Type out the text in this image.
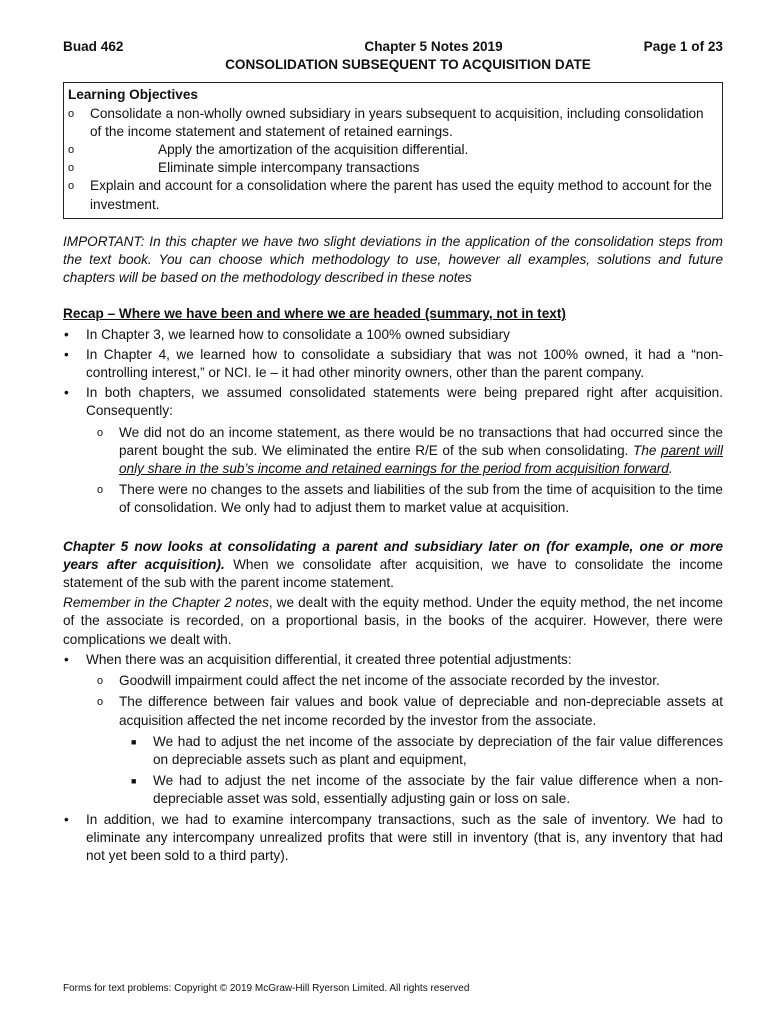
Buad 462	Chapter 5 Notes 2019	Page 1 of 23
CONSOLIDATION SUBSEQUENT TO ACQUISITION DATE
Learning Objectives
o	Consolidate a non-wholly owned subsidiary in years subsequent to acquisition, including consolidation of the income statement and statement of retained earnings.
o	Apply the amortization of the acquisition differential.
o	Eliminate simple intercompany transactions
o	Explain and account for a consolidation where the parent has used the equity method to account for the investment.
IMPORTANT: In this chapter we have two slight deviations in the application of the consolidation steps from the text book. You can choose which methodology to use, however all examples, solutions and future chapters will be based on the methodology described in these notes
Recap – Where we have been and where we are headed (summary, not in text)
•	In Chapter 3, we learned how to consolidate a 100% owned subsidiary
•	In Chapter 4, we learned how to consolidate a subsidiary that was not 100% owned, it had a “non-controlling interest,” or NCI. Ie – it had other minority owners, other than the parent company.
•	In both chapters, we assumed consolidated statements were being prepared right after acquisition. Consequently:
o	We did not do an income statement, as there would be no transactions that had occurred since the parent bought the sub. We eliminated the entire R/E of the sub when consolidating. The parent will only share in the sub’s income and retained earnings for the period from acquisition forward.
o	There were no changes to the assets and liabilities of the sub from the time of acquisition to the time of consolidation. We only had to adjust them to market value at acquisition.
Chapter 5 now looks at consolidating a parent and subsidiary later on (for example, one or more years after acquisition). When we consolidate after acquisition, we have to consolidate the income statement of the sub with the parent income statement.
Remember in the Chapter 2 notes, we dealt with the equity method. Under the equity method, the net income of the associate is recorded, on a proportional basis, in the books of the acquirer. However, there were complications we dealt with.
•	When there was an acquisition differential, it created three potential adjustments:
o	Goodwill impairment could affect the net income of the associate recorded by the investor.
o	The difference between fair values and book value of depreciable and non-depreciable assets at acquisition affected the net income recorded by the investor from the associate.
■	We had to adjust the net income of the associate by depreciation of the fair value differences on depreciable assets such as plant and equipment,
■	We had to adjust the net income of the associate by the fair value difference when a non-depreciable asset was sold, essentially adjusting gain or loss on sale.
•	In addition, we had to examine intercompany transactions, such as the sale of inventory. We had to eliminate any intercompany unrealized profits that were still in inventory (that is, any inventory that had not yet been sold to a third party).
Forms for text problems: Copyright © 2019 McGraw-Hill Ryerson Limited. All rights reserved
